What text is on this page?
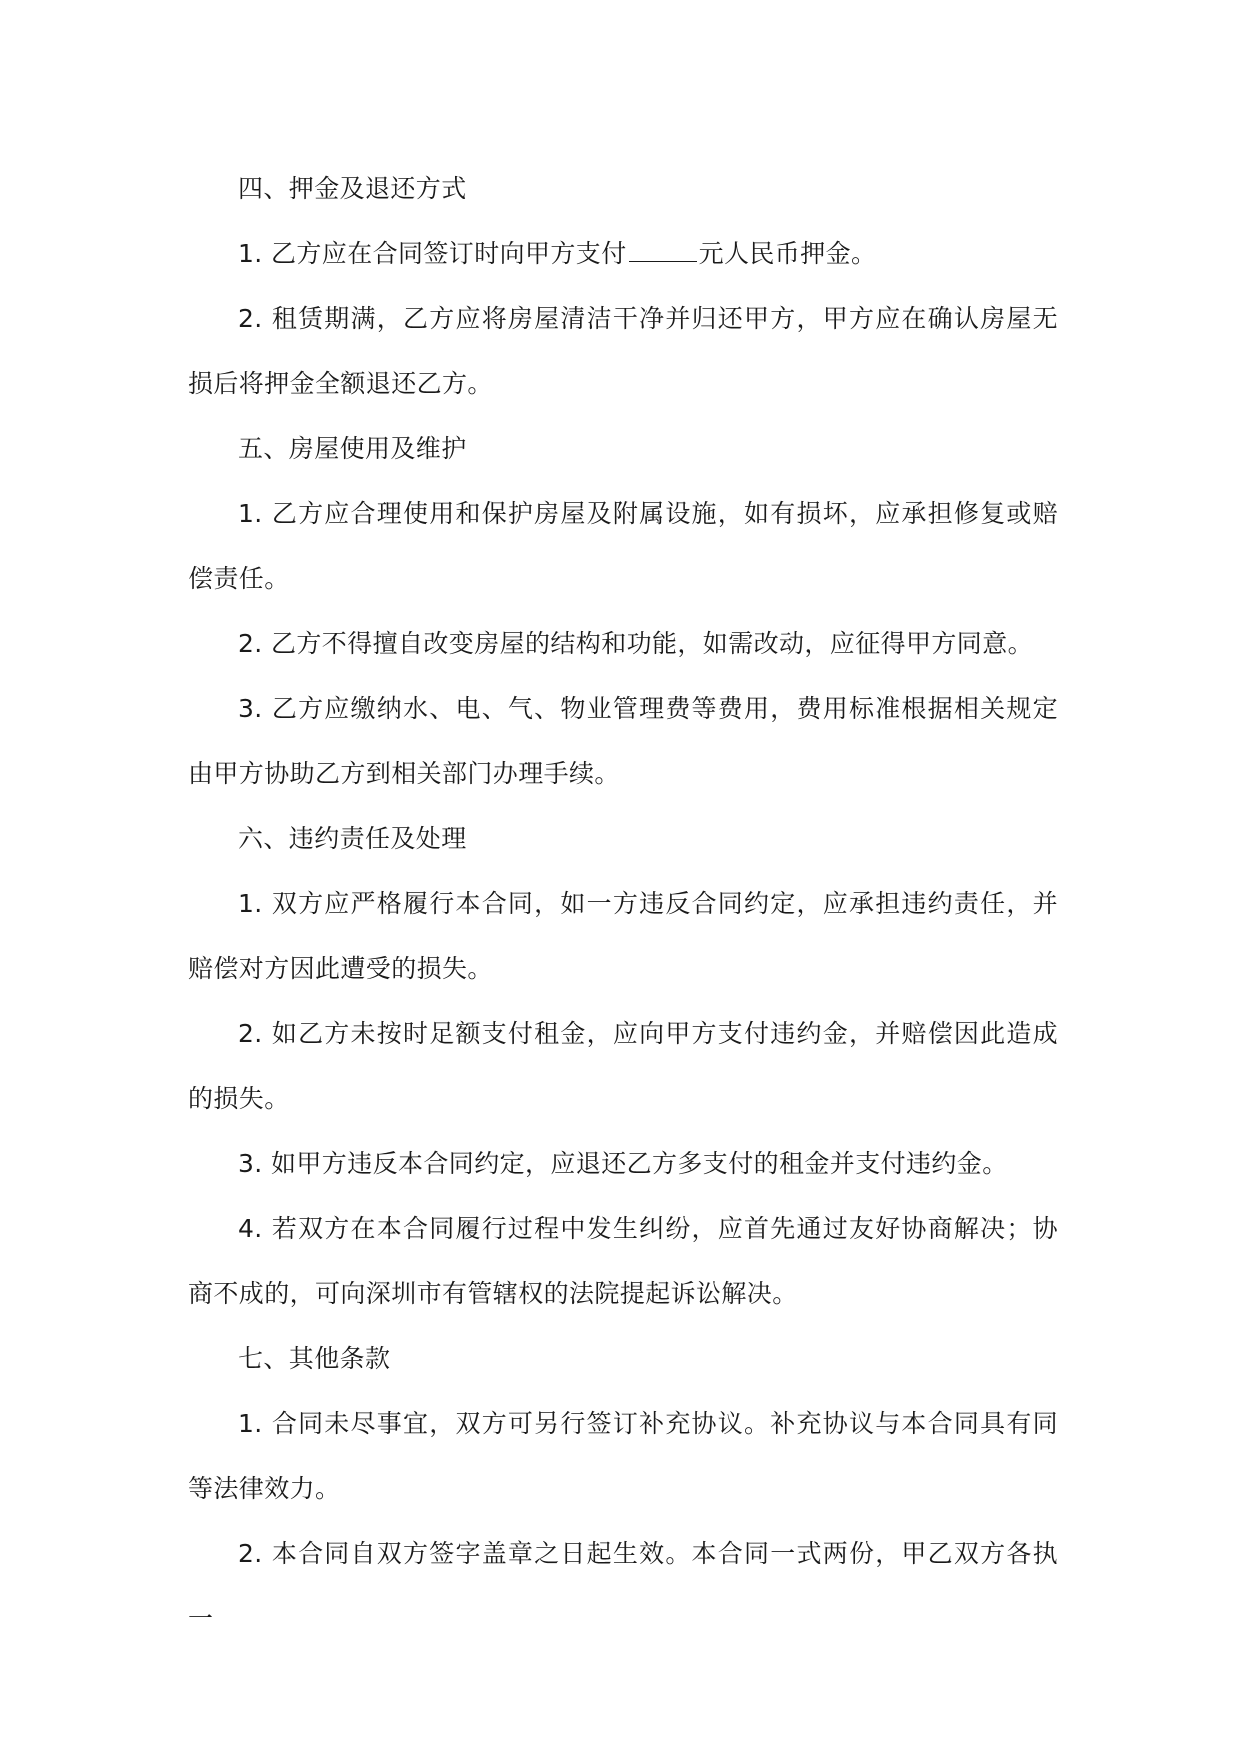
四、押金及退还方式

1. 乙方应在合同签订时向甲方支付	元人民币押金。

2. 租赁期满，乙方应将房屋清洁干净并归还甲方，甲方应在确认房屋无损后将押金全额退还乙方。

五、房屋使用及维护

1. 乙方应合理使用和保护房屋及附属设施，如有损坏，应承担修复或赔偿责任。

2. 乙方不得擅自改变房屋的结构和功能，如需改动，应征得甲方同意。

3. 乙方应缴纳水、电、气、物业管理费等费用，费用标准根据相关规定由甲方协助乙方到相关部门办理手续。

六、违约责任及处理

1. 双方应严格履行本合同，如一方违反合同约定，应承担违约责任，并赔偿对方因此遭受的损失。

2. 如乙方未按时足额支付租金，应向甲方支付违约金，并赔偿因此造成的损失。

3. 如甲方违反本合同约定，应退还乙方多支付的租金并支付违约金。

4. 若双方在本合同履行过程中发生纠纷，应首先通过友好协商解决；协商不成的，可向深圳市有管辖权的法院提起诉讼解决。

七、其他条款

1. 合同未尽事宜，双方可另行签订补充协议。补充协议与本合同具有同等法律效力。

2. 本合同自双方签字盖章之日起生效。本合同一式两份，甲乙双方各执一
